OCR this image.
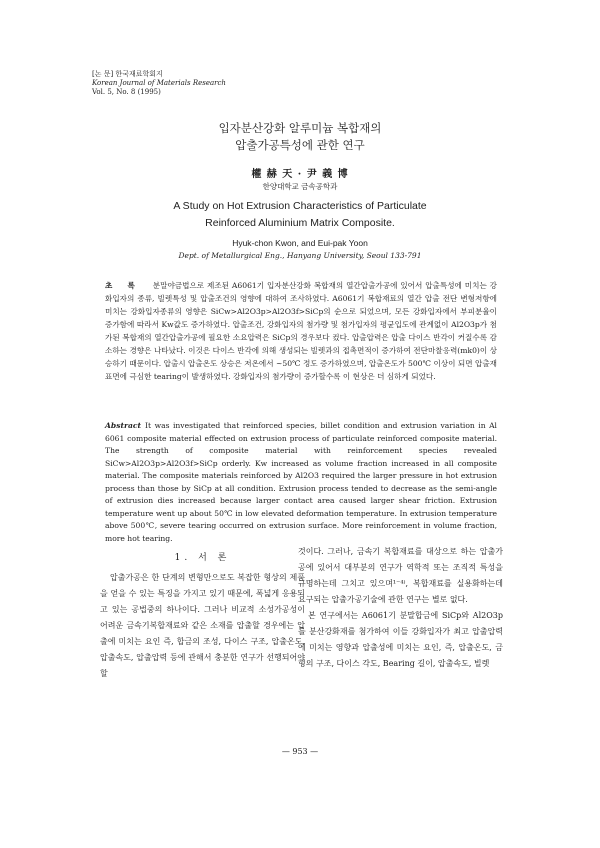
[논 문] 한국재료학회지
Korean Journal of Materials Research
Vol. 5, No. 8 (1995)
입자분산강화 알루미늄 복합재의
압출가공특성에 관한 연구
權 赫 天 · 尹 義 博
한양대학교 금속공학과
A Study on Hot Extrusion Characteristics of Particulate
Reinforced Aluminium Matrix Composite.
Hyuk-chon Kwon, and Eui-pak Yoon
Dept. of Metallurgical Eng., Hanyang University, Seoul 133-791
초 록 분말야금법으로 제조된 A6061기 입자분산강화 복합재의 열간압출가공에 있어서 압출특성에 미치는 강화입자의 종류, 빌렛특성 및 압출조건의 영향에 대하여 조사하였다. A6061기 복합재료의 열간 압출 전단 변형저항에 미치는 강화입자종류의 영향은 SiCw>Al2O3p>Al2O3f>SiCp의 순으로 되었으며, 모든 강화입자에서 부피분율이 증가함에 따라서 Kw값도 증가하였다. 압출조건, 강화입자의 첨가량 및 첨가입자의 평균입도에 관계없이 Al2O3p가 첨가된 복합재의 열간압출가공에 필요한 소요압력은 SiCp의 경우보다 컸다. 압출압력은 압출 다이스 반각이 커질수록 감소하는 경향은 나타났다. 이것은 다이스 반각에 의해 생성되는 빌렛과의 접촉면적이 증가하여 전단마찰응력(mk0)이 상승하기 때문이다. 압출시 압출온도 상승은 저온에서 ~50℃ 정도 증가하였으며, 압출온도가 500℃ 이상이 되면 압출재 표면에 극심한 tearing이 발생하였다. 강화입자의 첨가량이 증가할수록 이 현상은 더 심하게 되었다.
Abstract It was investigated that reinforced species, billet condition and extrusion variation in Al 6061 composite material effected on extrusion process of particulate reinforced composite material. The strength of composite material with reinforcement species revealed SiCw>Al2O3p>Al2O3f>SiCp orderly. Kw increased as volume fraction increased in all composite material. The composite materials reinforced by Al2O3 required the larger pressure in hot extrusion process than those by SiCp at all condition. Extrusion process tended to decrease as the semi-angle of extrusion dies increased because larger contact area caused larger shear friction. Extrusion temperature went up about 50℃ in low elevated deformation temperature. In extrusion temperature above 500℃, severe tearing occurred on extrusion surface. More reinforcement in volume fraction, more hot tearing.
1. 서 론

압출가공은 한 단계의 변형만으로도 복잡한 형상의 제품을 얻을 수 있는 특징을 가지고 있기 때문에, 폭넓게 응용되고 있는 공법중의 하나이다. 그러나 비교적 소성가공성이 어려운 금속기복합재료와 같은 소재를 압출할 경우에는 압출에 미치는 요인 즉, 합금의 조성, 다이스 구조, 압출온도, 압출속도, 압출압력 등에 관해서 충분한 연구가 선행되어야 할

것이다. 그러나, 금속기 복합재료를 대상으로 하는 압출가공에 있어서 대부분의 연구가 역학적 또는 조직적 특성을 규명하는데 그치고 있으며¹⁻⁴⁾, 복합재료를 실용화하는데 요구되는 압출가공기술에 관한 연구는 별로 없다.

본 연구에서는 A6061기 분말합금에 SiCp와 Al2O3p를 분산강화재를 첨가하여 이들 강화입자가 최고 압출압력에 미치는 영향과 압출성에 미치는 요인, 즉, 압출온도, 금형의 구조, 다이스 각도, Bearing 길이, 압출속도, 빌렛

— 953 —
